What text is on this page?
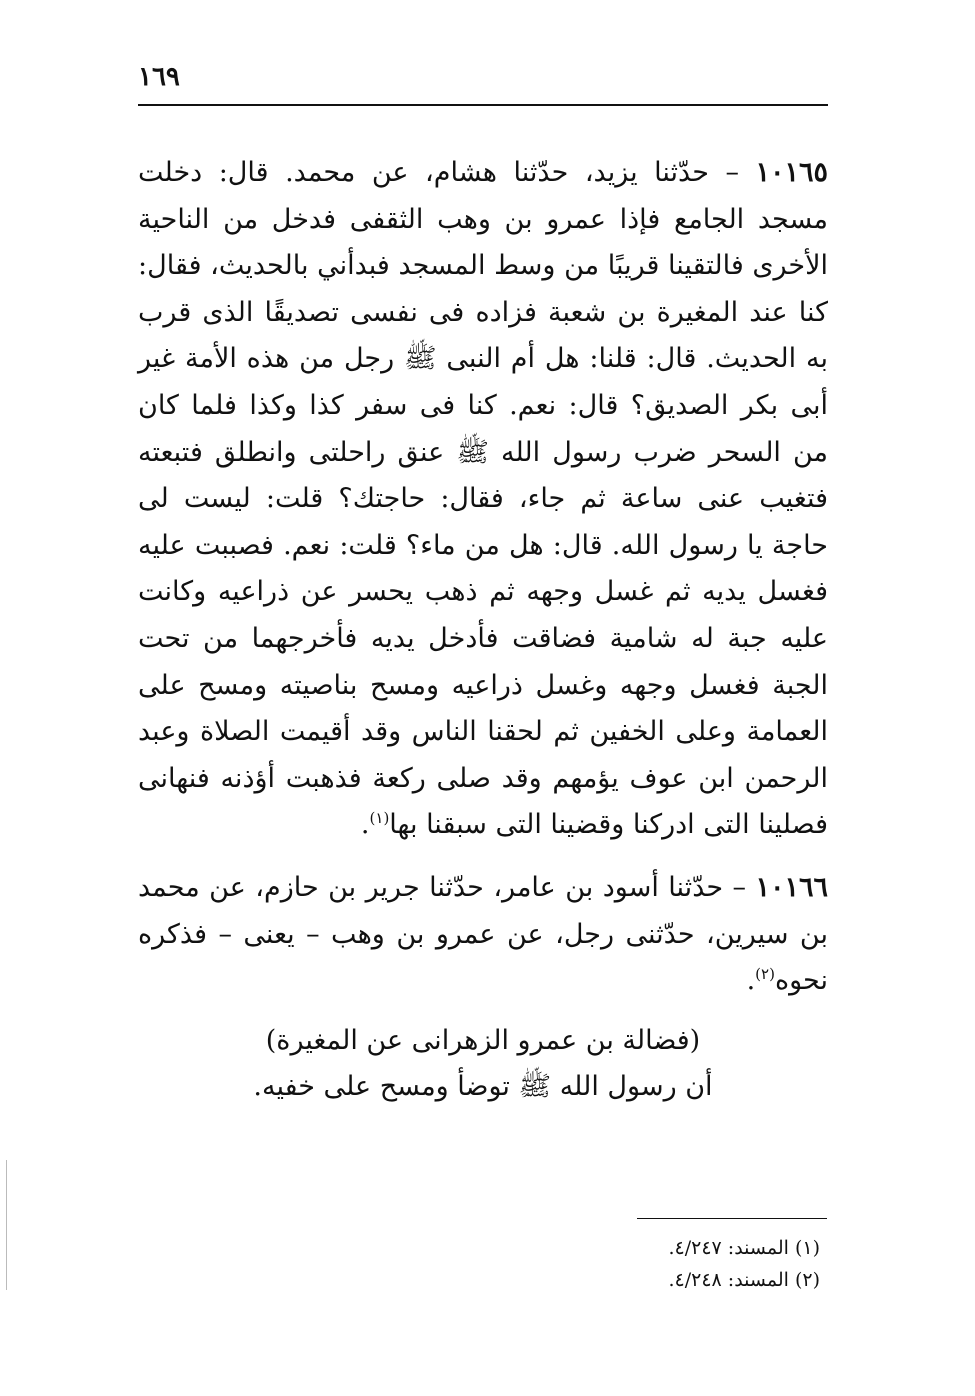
١٦٩

١٠١٦٥ – حدّثنا يزيد، حدّثنا هشام، عن محمد. قال: دخلت مسجد الجامع فإذا عمرو بن وهب الثقفى فدخل من الناحية الأخرى فالتقينا قريبًا من وسط المسجد فبدأني بالحديث، فقال: كنا عند المغيرة بن شعبة فزاده فى نفسى تصديقًا الذى قرب به الحديث. قال: قلنا: هل أم النبى ﷺ رجل من هذه الأمة غير أبى بكر الصديق؟ قال: نعم. كنا فى سفر كذا وكذا فلما كان من السحر ضرب رسول الله ﷺ عنق راحلتى وانطلق فتبعته فتغيب عنى ساعة ثم جاء، فقال: حاجتك؟ قلت: ليست لى حاجة يا رسول الله. قال: هل من ماء؟ قلت: نعم. فصببت عليه فغسل يديه ثم غسل وجهه ثم ذهب يحسر عن ذراعيه وكانت عليه جبة له شامية فضاقت فأدخل يديه فأخرجهما من تحت الجبة فغسل وجهه وغسل ذراعيه ومسح بناصيته ومسح على العمامة وعلى الخفين ثم لحقنا الناس وقد أقيمت الصلاة وعبد الرحمن ابن عوف يؤمهم وقد صلى ركعة فذهبت أؤذنه فنهانى فصلينا التى ادركنا وقضينا التى سبقنا بها$^{(١)}$.

١٠١٦٦ – حدّثنا أسود بن عامر، حدّثنا جرير بن حازم، عن محمد بن سيرين، حدّثنى رجل، عن عمرو بن وهب – يعنى – فذكره نحوه$^{(٢)}$.

(فضالة بن عمرو الزهرانى عن المغيرة)
أن رسول الله ﷺ توضأ ومسح على خفيه.
(١) المسند: ٤/٢٤٧.
(٢) المسند: ٤/٢٤٨.
